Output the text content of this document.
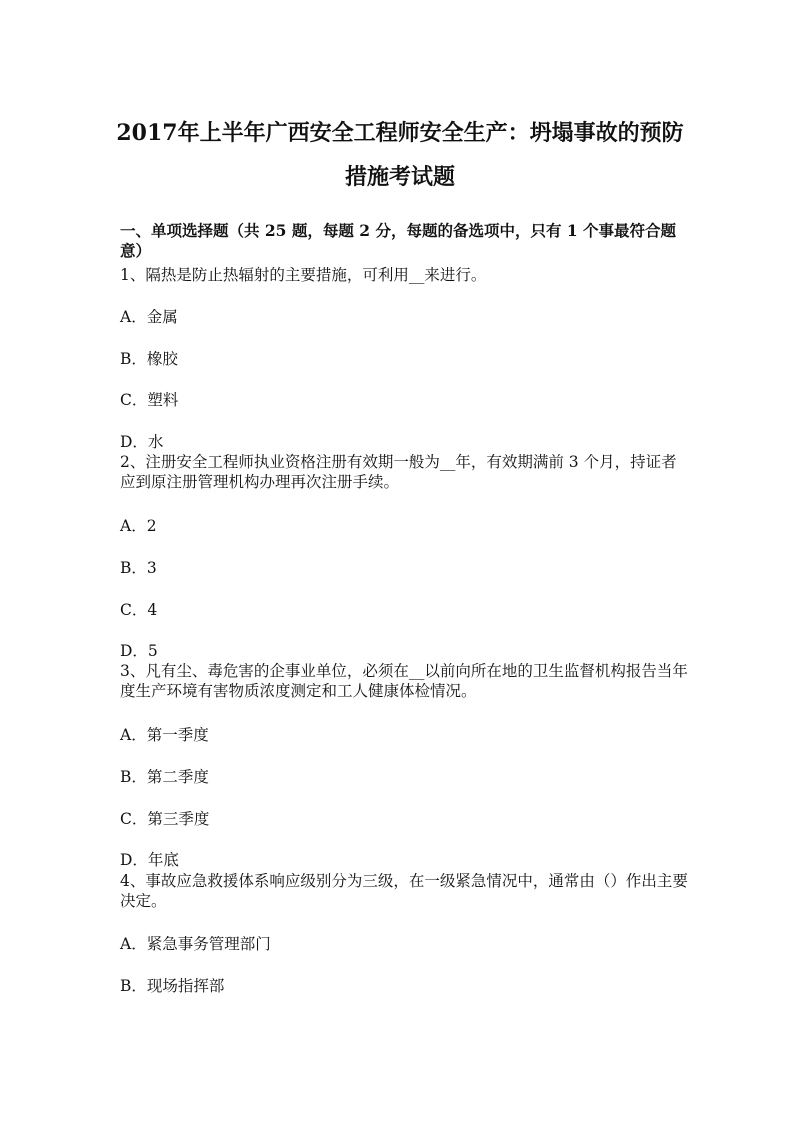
2017年上半年广西安全工程师安全生产：坍塌事故的预防
措施考试题

一、单项选择题（共 25 题，每题 2 分，每题的备选项中，只有 1 个事最符合题意）

1、隔热是防止热辐射的主要措施，可利用__来进行。

A．金属

B．橡胶

C．塑料

D．水

2、注册安全工程师执业资格注册有效期一般为__年，有效期满前 3 个月，持证者应到原注册管理机构办理再次注册手续。

A．2

B．3

C．4

D．5

3、凡有尘、毒危害的企事业单位，必须在__以前向所在地的卫生监督机构报告当年度生产环境有害物质浓度测定和工人健康体检情况。

A．第一季度

B．第二季度

C．第三季度

D．年底

4、事故应急救援体系响应级别分为三级，在一级紧急情况中，通常由（）作出主要决定。

A．紧急事务管理部门

B．现场指挥部
